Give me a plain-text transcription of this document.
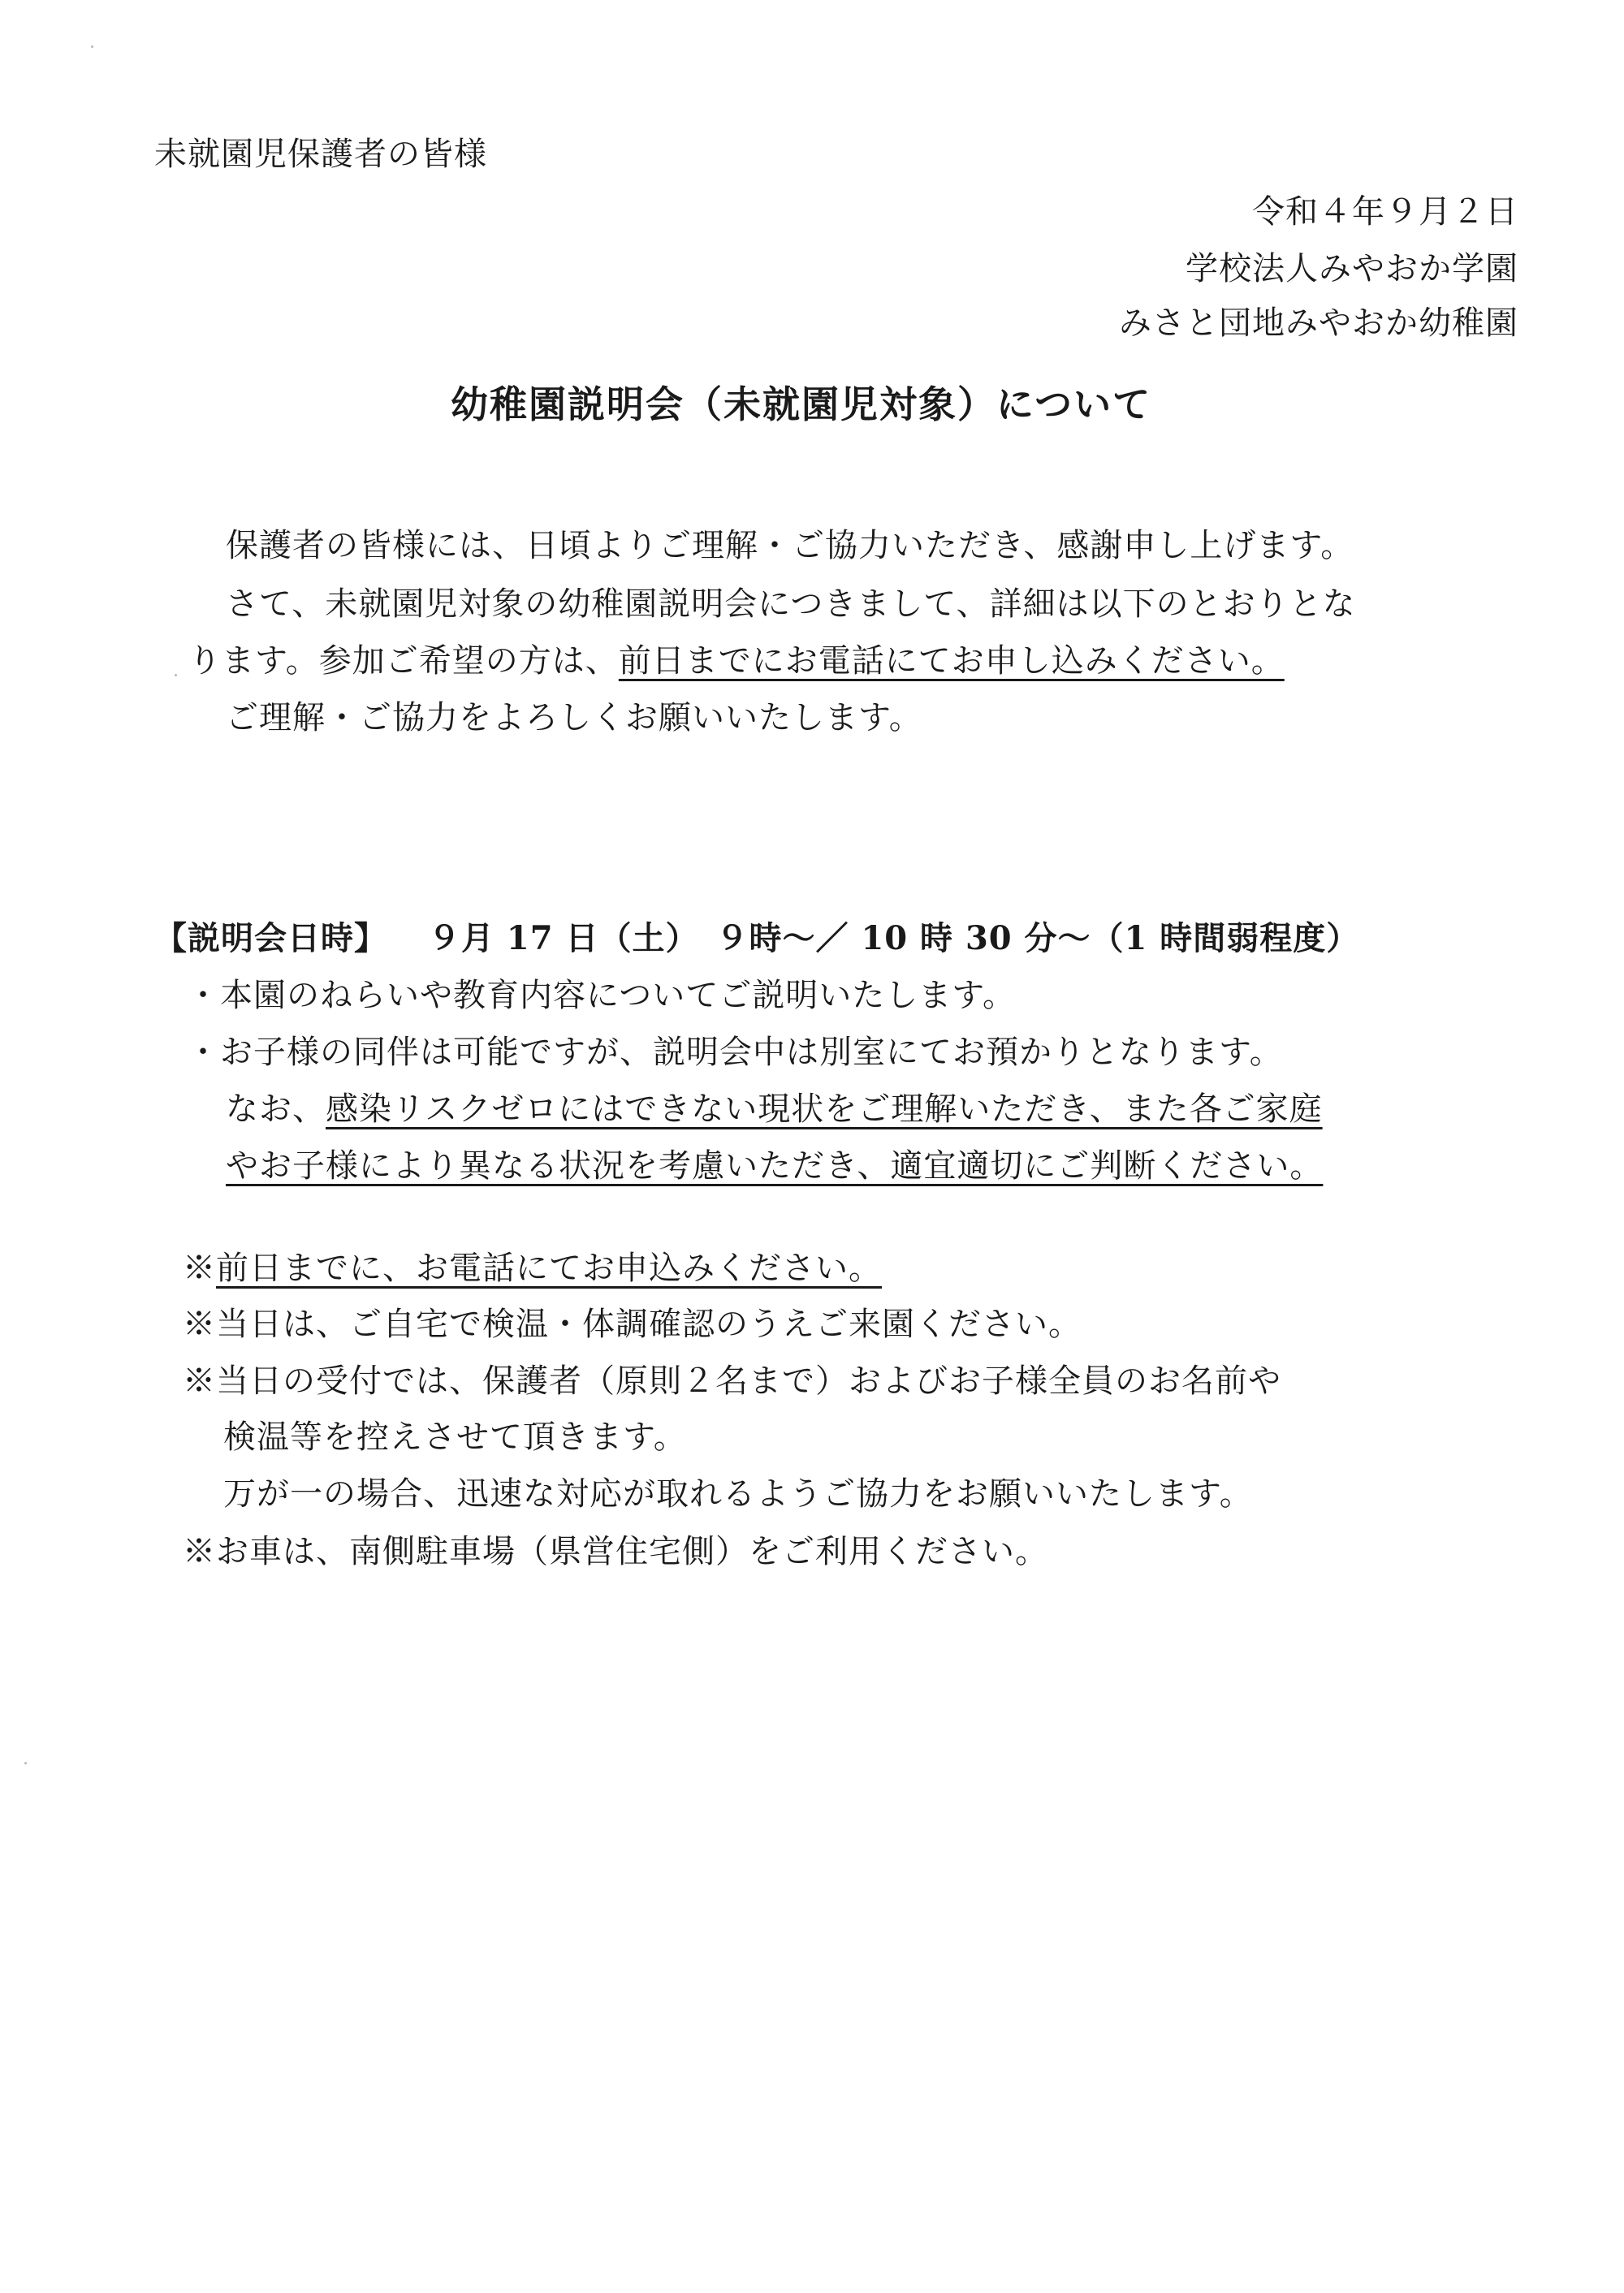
未就園児保護者の皆様
令和４年９月２日
学校法人みやおか学園
みさと団地みやおか幼稚園
幼稚園説明会（未就園児対象）について
保護者の皆様には、日頃よりご理解・ご協力いただき、感謝申し上げます。
さて、未就園児対象の幼稚園説明会につきまして、詳細は以下のとおりとな
ります。参加ご希望の方は、前日までにお電話にてお申し込みください。
ご理解・ご協力をよろしくお願いいたします。
【説明会日時】 ９月 17 日（土）　９時～／ 10 時 30 分～（1 時間弱程度）
・本園のねらいや教育内容についてご説明いたします。
・お子様の同伴は可能ですが、説明会中は別室にてお預かりとなります。
なお、感染リスクゼロにはできない現状をご理解いただき、また各ご家庭
やお子様により異なる状況を考慮いただき、適宜適切にご判断ください。
※前日までに、お電話にてお申込みください。
※当日は、ご自宅で検温・体調確認のうえご来園ください。
※当日の受付では、保護者（原則２名まで）およびお子様全員のお名前や
検温等を控えさせて頂きます。
万が一の場合、迅速な対応が取れるようご協力をお願いいたします。
※お車は、南側駐車場（県営住宅側）をご利用ください。
